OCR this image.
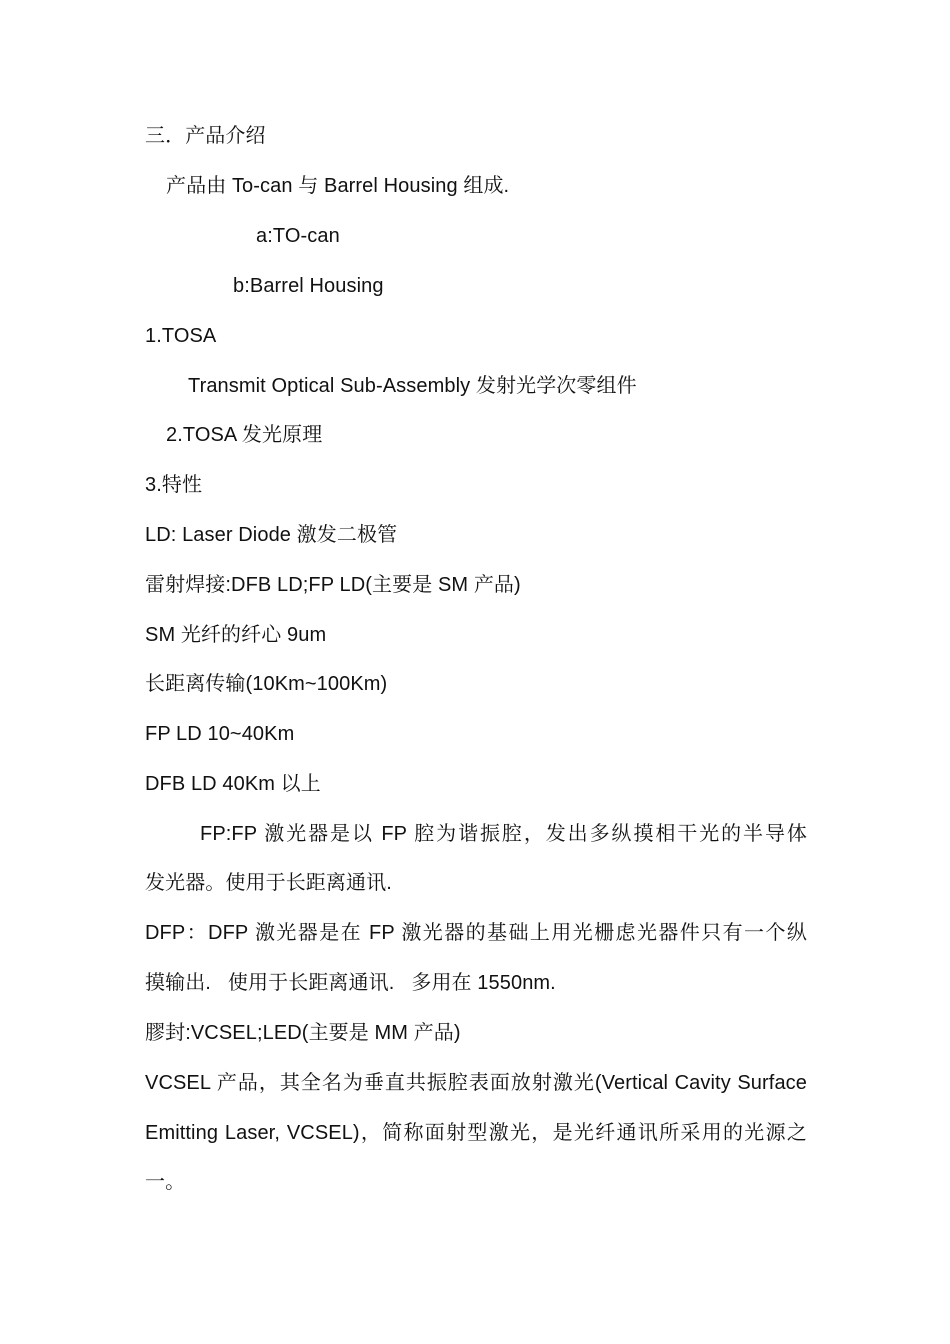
三．产品介绍
产品由 To-can 与 Barrel Housing 组成.
a:TO-can
b:Barrel Housing
1.TOSA
Transmit Optical Sub-Assembly 发射光学次零组件
2.TOSA 发光原理
3.特性
LD: Laser Diode 激发二极管
雷射焊接:DFB LD;FP LD(主要是 SM 产品)
SM 光纤的纤心 9um
长距离传输(10Km~100Km)
FP LD 10~40Km
DFB LD 40Km 以上
FP:FP 激光器是以 FP 腔为谐振腔，发出多纵摸相干光的半导体
发光器。使用于长距离通讯.
DFP：DFP 激光器是在 FP 激光器的基础上用光栅虑光器件只有一个纵
摸输出.   使用于长距离通讯.   多用在 1550nm.
膠封:VCSEL;LED(主要是 MM 产品)
VCSEL 产品，其全名为垂直共振腔表面放射激光(Vertical Cavity Surface
Emitting Laser, VCSEL)，简称面射型激光，是光纤通讯所采用的光源之
一。
